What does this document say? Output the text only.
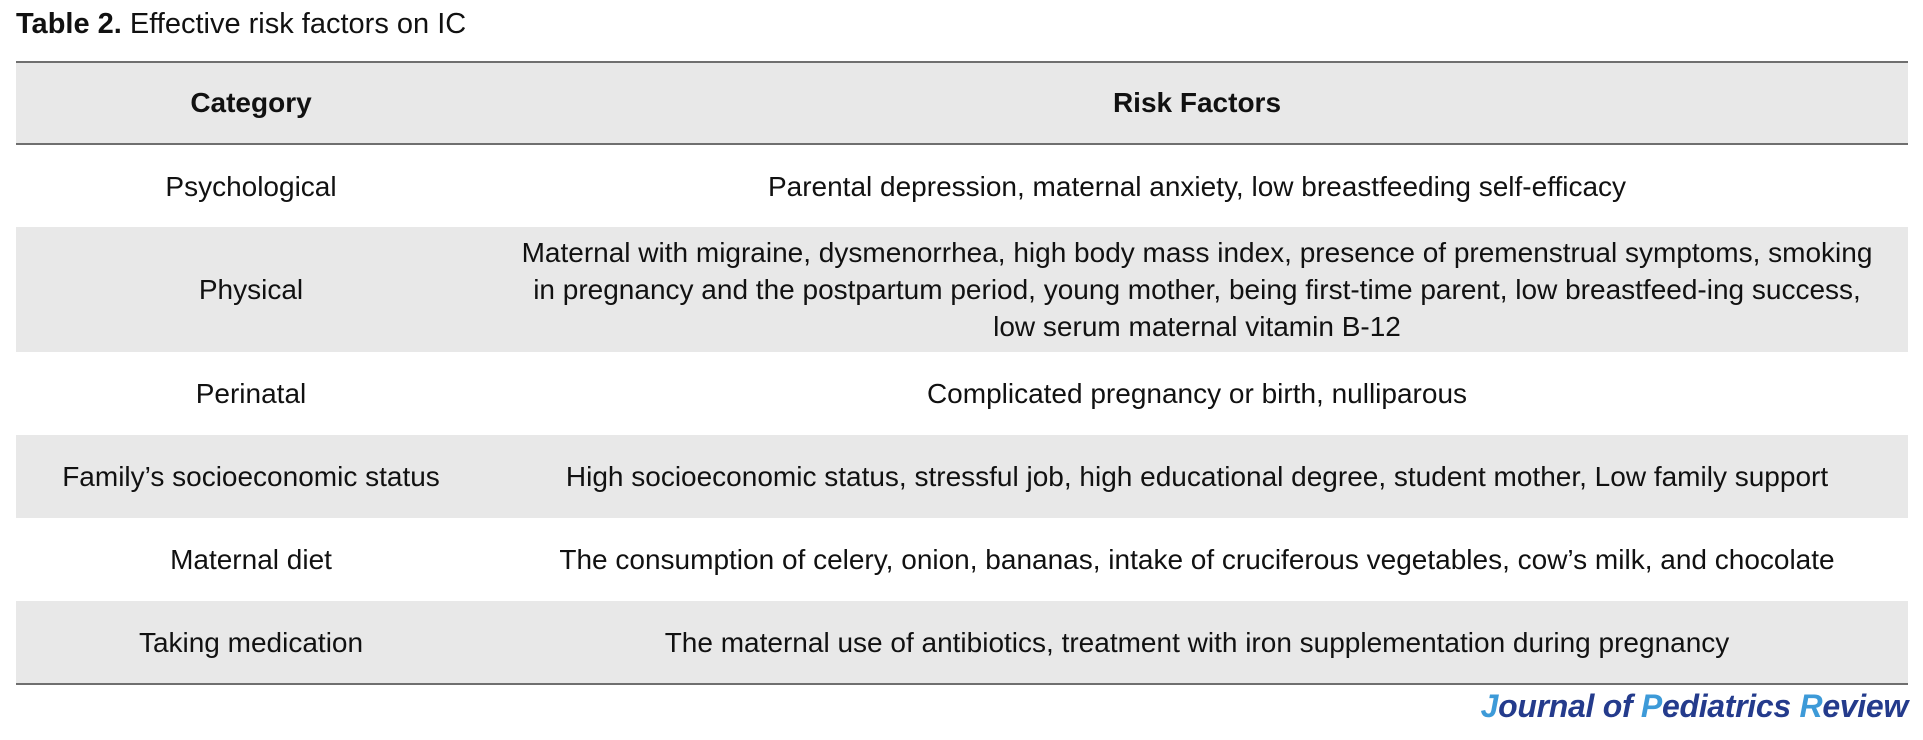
Table 2. Effective risk factors on IC
Category	Risk Factors
Psychological	Parental depression, maternal anxiety, low breastfeeding self-efficacy
Physical	Maternal with migraine, dysmenorrhea, high body mass index, presence of premenstrual symptoms, smoking in pregnancy and the postpartum period, young mother, being first-time parent, low breastfeed-ing success, low serum maternal vitamin B-12
Perinatal	Complicated pregnancy or birth, nulliparous
Family’s socioeconomic status	High socioeconomic status, stressful job, high educational degree, student mother, Low family support
Maternal diet	The consumption of celery, onion, bananas, intake of cruciferous vegetables, cow’s milk, and chocolate
Taking medication	The maternal use of antibiotics, treatment with iron supplementation during pregnancy
Journal of Pediatrics Review
